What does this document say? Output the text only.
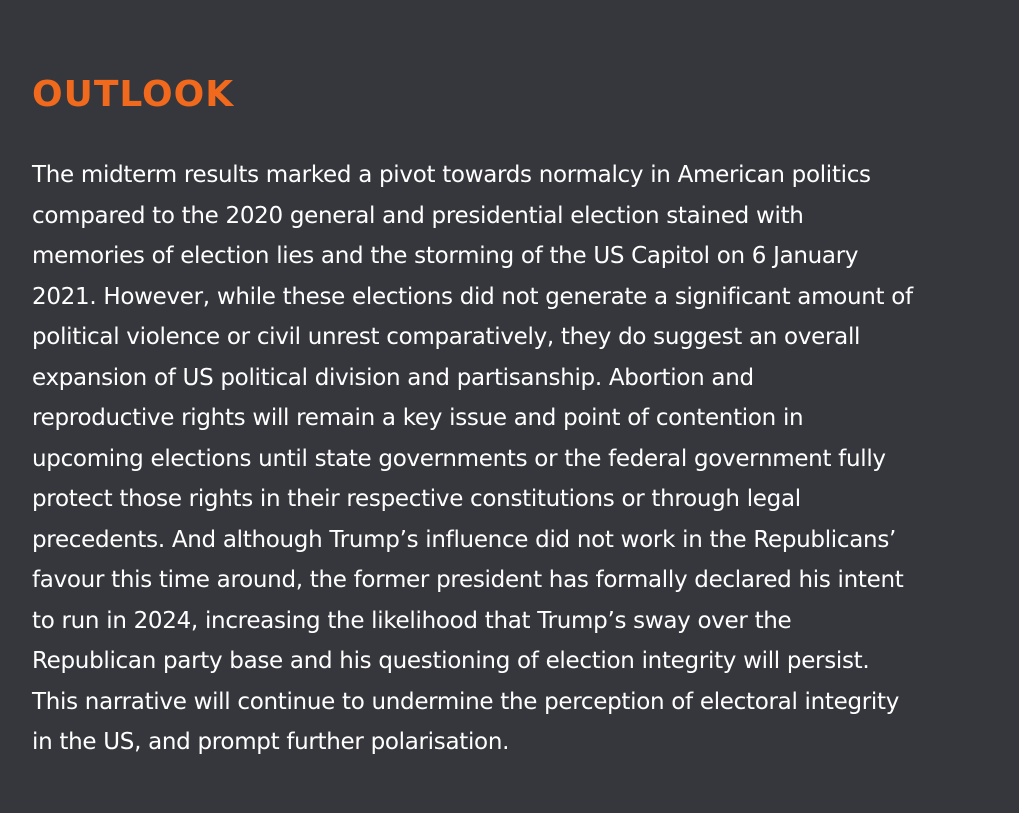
OUTLOOK

The midterm results marked a pivot towards normalcy in American politics
compared to the 2020 general and presidential election stained with
memories of election lies and the storming of the US Capitol on 6 January
2021. However, while these elections did not generate a significant amount of
political violence or civil unrest comparatively, they do suggest an overall
expansion of US political division and partisanship. Abortion and
reproductive rights will remain a key issue and point of contention in
upcoming elections until state governments or the federal government fully
protect those rights in their respective constitutions or through legal
precedents. And although Trump’s influence did not work in the Republicans’
favour this time around, the former president has formally declared his intent
to run in 2024, increasing the likelihood that Trump’s sway over the
Republican party base and his questioning of election integrity will persist.
This narrative will continue to undermine the perception of electoral integrity
in the US, and prompt further polarisation.
